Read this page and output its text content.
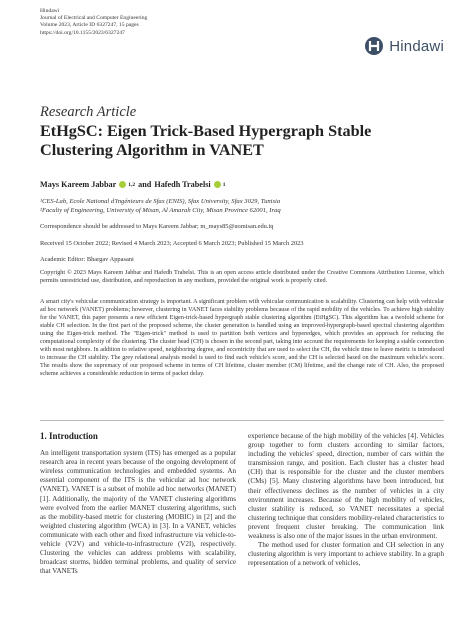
Hindawi
Journal of Electrical and Computer Engineering
Volume 2023, Article ID 6327247, 15 pages
https://doi.org/10.1155/2023/6327247
Hindawi
Research Article
EtHgSC: Eigen Trick-Based Hypergraph Stable Clustering Algorithm in VANET
Mays Kareem Jabbar 1,2 and Hafedh Trabelsi 1
¹CES-Lab, Ecole National d'Ingénieurs de Sfax (ENIS), Sfax University, Sfax 3029, Tunisia
²Faculty of Engineering, University of Misan, Al Amarah City, Misan Province 62001, Iraq
Correspondence should be addressed to Mays Kareem Jabbar; m_mays85@uomisan.edu.iq
Received 15 October 2022; Revised 4 March 2023; Accepted 6 March 2023; Published 15 March 2023
Academic Editor: Bhargav Appasani
Copyright © 2023 Mays Kareem Jabbar and Hafedh Trabelsi. This is an open access article distributed under the Creative Commons Attribution License, which permits unrestricted use, distribution, and reproduction in any medium, provided the original work is properly cited.
A smart city's vehicular communication strategy is important. A significant problem with vehicular communication is scalability. Clustering can help with vehicular ad hoc network (VANET) problems; however, clustering in VANET faces stability problems because of the rapid mobility of the vehicles. To achieve high stability for the VANET, this paper presents a new efficient Eigen-trick-based hypergraph stable clustering algorithm (EtHgSC). This algorithm has a twofold scheme for stable CH selection. In the first part of the proposed scheme, the cluster generation is handled using an improved-hypergraph-based spectral clustering algorithm using the Eigen-trick method. The "Eigen-trick" method is used to partition both vertices and hyperedges, which provides an approach for reducing the computational complexity of the clustering. The cluster head (CH) is chosen in the second part, taking into account the requirements for keeping a stable connection with most neighbors. In addition to relative speed, neighboring degree, and eccentricity that are used to select the CH, the vehicle time to leave metric is introduced to increase the CH stability. The grey relational analysis model is used to find each vehicle's score, and the CH is selected based on the maximum vehicle's score. The results show the supremacy of our proposed scheme in terms of CH lifetime, cluster member (CM) lifetime, and the change rate of CH. Also, the proposed scheme achieves a considerable reduction in terms of packet delay.
1. Introduction

An intelligent transportation system (ITS) has emerged as a popular research area in recent years because of the ongoing development of wireless communication technologies and embedded systems. An essential component of the ITS is the vehicular ad hoc network (VANET). VANET is a subset of mobile ad hoc networks (MANET) [1]. Additionally, the majority of the VANET clustering algorithms were evolved from the earlier MANET clustering algorithms, such as the mobility-based metric for clustering (MOBIC) in [2] and the weighted clustering algorithm (WCA) in [3]. In a VANET, vehicles communicate with each other and fixed infrastructure via vehicle-to-vehicle (V2V) and vehicle-to-infrastructure (V2I), respectively. Clustering the vehicles can address problems with scalability, broadcast storms, hidden terminal problems, and quality of service that VANETs

experience because of the high mobility of the vehicles [4]. Vehicles group together to form clusters according to similar factors, including the vehicles' speed, direction, number of cars within the transmission range, and position. Each cluster has a cluster head (CH) that is responsible for the cluster and the cluster members (CMs) [5]. Many clustering algorithms have been introduced, but their effectiveness declines as the number of vehicles in a city environment increases. Because of the high mobility of vehicles, cluster stability is reduced, so VANET necessitates a special clustering technique that considers mobility-related characteristics to prevent frequent cluster breaking. The communication link weakness is also one of the major issues in the urban environment.

The method used for cluster formation and CH selection in any clustering algorithm is very important to achieve stability. In a graph representation of a network of vehicles,
